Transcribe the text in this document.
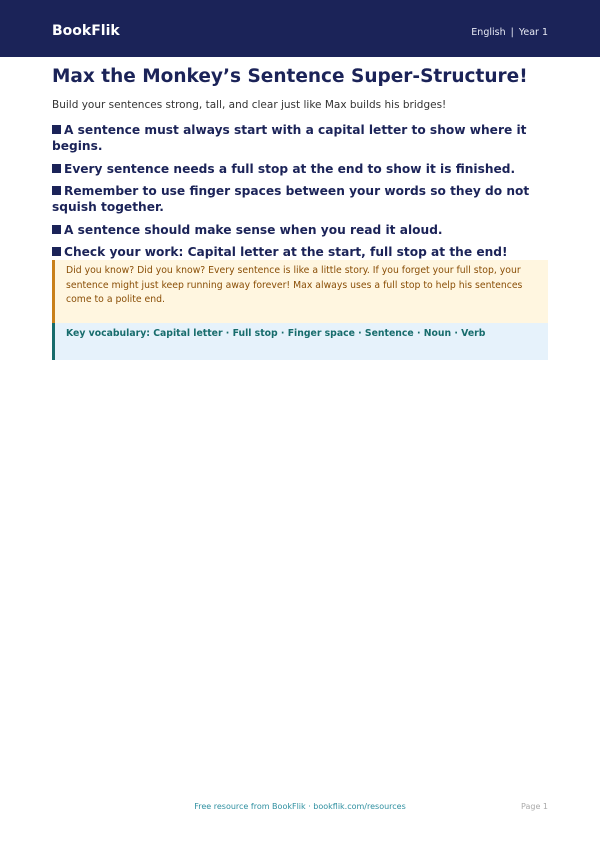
BookFlik	English | Year 1
Max the Monkey’s Sentence Super-Structure!

Build your sentences strong, tall, and clear just like Max builds his bridges!

A sentence must always start with a capital letter to show where it begins.
Every sentence needs a full stop at the end to show it is finished.
Remember to use finger spaces between your words so they do not squish together.
A sentence should make sense when you read it aloud.
Check your work: Capital letter at the start, full stop at the end!

Did you know? Did you know? Every sentence is like a little story. If you forget your full stop, your sentence might just keep running away forever! Max always uses a full stop to help his sentences come to a polite end.

Key vocabulary: Capital letter · Full stop · Finger space · Sentence · Noun · Verb

Free resource from BookFlik · bookflik.com/resources	Page 1
